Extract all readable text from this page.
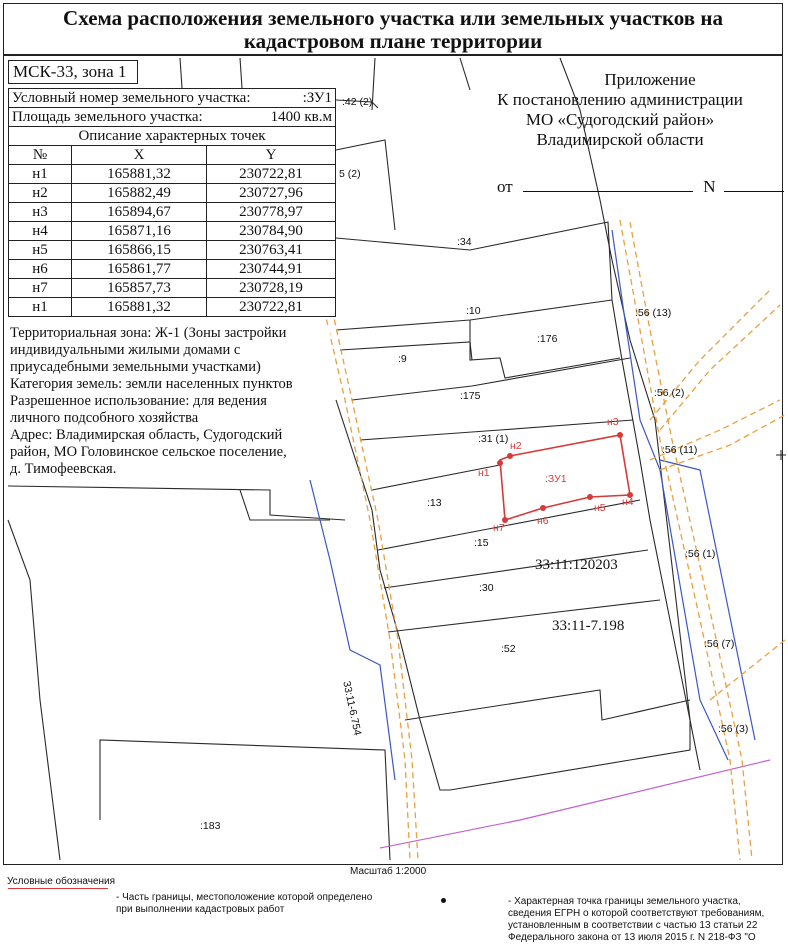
Схема расположения земельного участка или земельных участков на
кадастровом плане территории
МСК-33, зона 1
Условный номер земельного участка: :ЗУ1		

Площадь земельного участка: 1400 кв.м		

Описание характерных точек		
№	X	Y
н1	165881,32	230722,81
н2	165882,49	230727,96
н3	165894,67	230778,97
н4	165871,16	230784,90
н5	165866,15	230763,41
н6	165861,77	230744,91
н7	165857,73	230728,19
н1	165881,32	230722,81
Территориальная зона: Ж-1 (Зоны застройки
индивидуальными жилыми домами с
приусадебными земельными участками)
Категория земель: земли населенных пунктов
Разрешенное использование: для ведения
личного подсобного хозяйства
Адрес: Владимирская область, Судогодский
район, МО Головинское сельское поселение,
д. Тимофеевская.
Приложение
К постановлению администрации
МО «Судогодский район»
Владимирской области
от	N
:42 (2)
5 (2)
:34
:10
:176
:9
:175
:31 (1)
:13
:15
:30
:52
:183
:56 (13)
:56 (2)
:56 (11)
:56 (1)
:56 (7)
:56 (3)
33:11:120203
33:11-7.198
33:11-6.754
н1
н2
н3
н4
н5
н6
н7
:ЗУ1
Масштаб 1:2000
Условные обозначения
- Часть границы, местоположение которой определено при выполнении кадастровых работ
- Характерная точка границы земельного участка, сведения ЕГРН о которой соответствуют требованиям, установленным в соответствии с частью 13 статьи 22 Федерального закона от 13 июля 2015 г. N 218-ФЗ "О
